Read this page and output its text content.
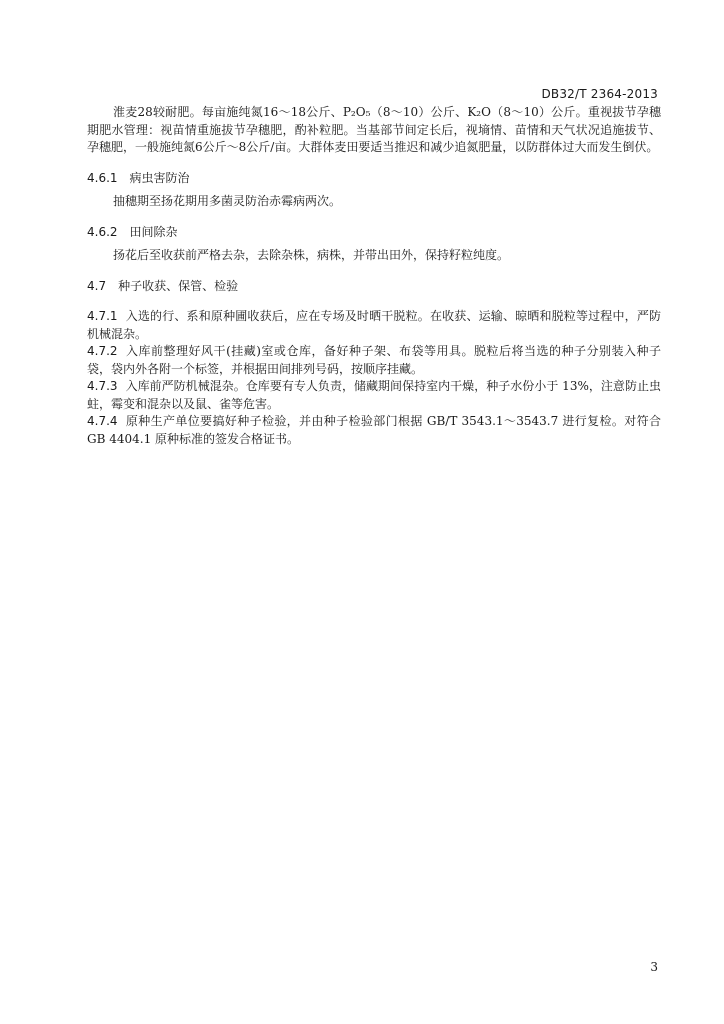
DB32/T 2364-2013

淮麦28较耐肥。每亩施纯氮16～18公斤、P₂O₅（8～10）公斤、K₂O（8～10）公斤。重视拔节孕穗期肥水管理：视苗情重施拔节孕穗肥，酌补粒肥。当基部节间定长后，视墒情、苗情和天气状况追施拔节、孕穗肥，一般施纯氮6公斤～8公斤/亩。大群体麦田要适当推迟和减少追氮肥量，以防群体过大而发生倒伏。

4.6.1 病虫害防治

抽穗期至扬花期用多菌灵防治赤霉病两次。

4.6.2 田间除杂

扬花后至收获前严格去杂，去除杂株，病株，并带出田外，保持籽粒纯度。

4.7 种子收获、保管、检验

4.7.1 入选的行、系和原种圃收获后，应在专场及时晒干脱粒。在收获、运输、晾晒和脱粒等过程中，严防机械混杂。

4.7.2 入库前整理好风干(挂藏)室或仓库，备好种子架、布袋等用具。脱粒后将当选的种子分别装入种子袋，袋内外各附一个标签，并根据田间排列号码，按顺序挂藏。

4.7.3 入库前严防机械混杂。仓库要有专人负责，储藏期间保持室内干燥，种子水份小于 13%，注意防止虫蛀，霉变和混杂以及鼠、雀等危害。

4.7.4 原种生产单位要搞好种子检验，并由种子检验部门根据 GB/T 3543.1～3543.7 进行复检。对符合 GB 4404.1 原种标准的签发合格证书。

3
